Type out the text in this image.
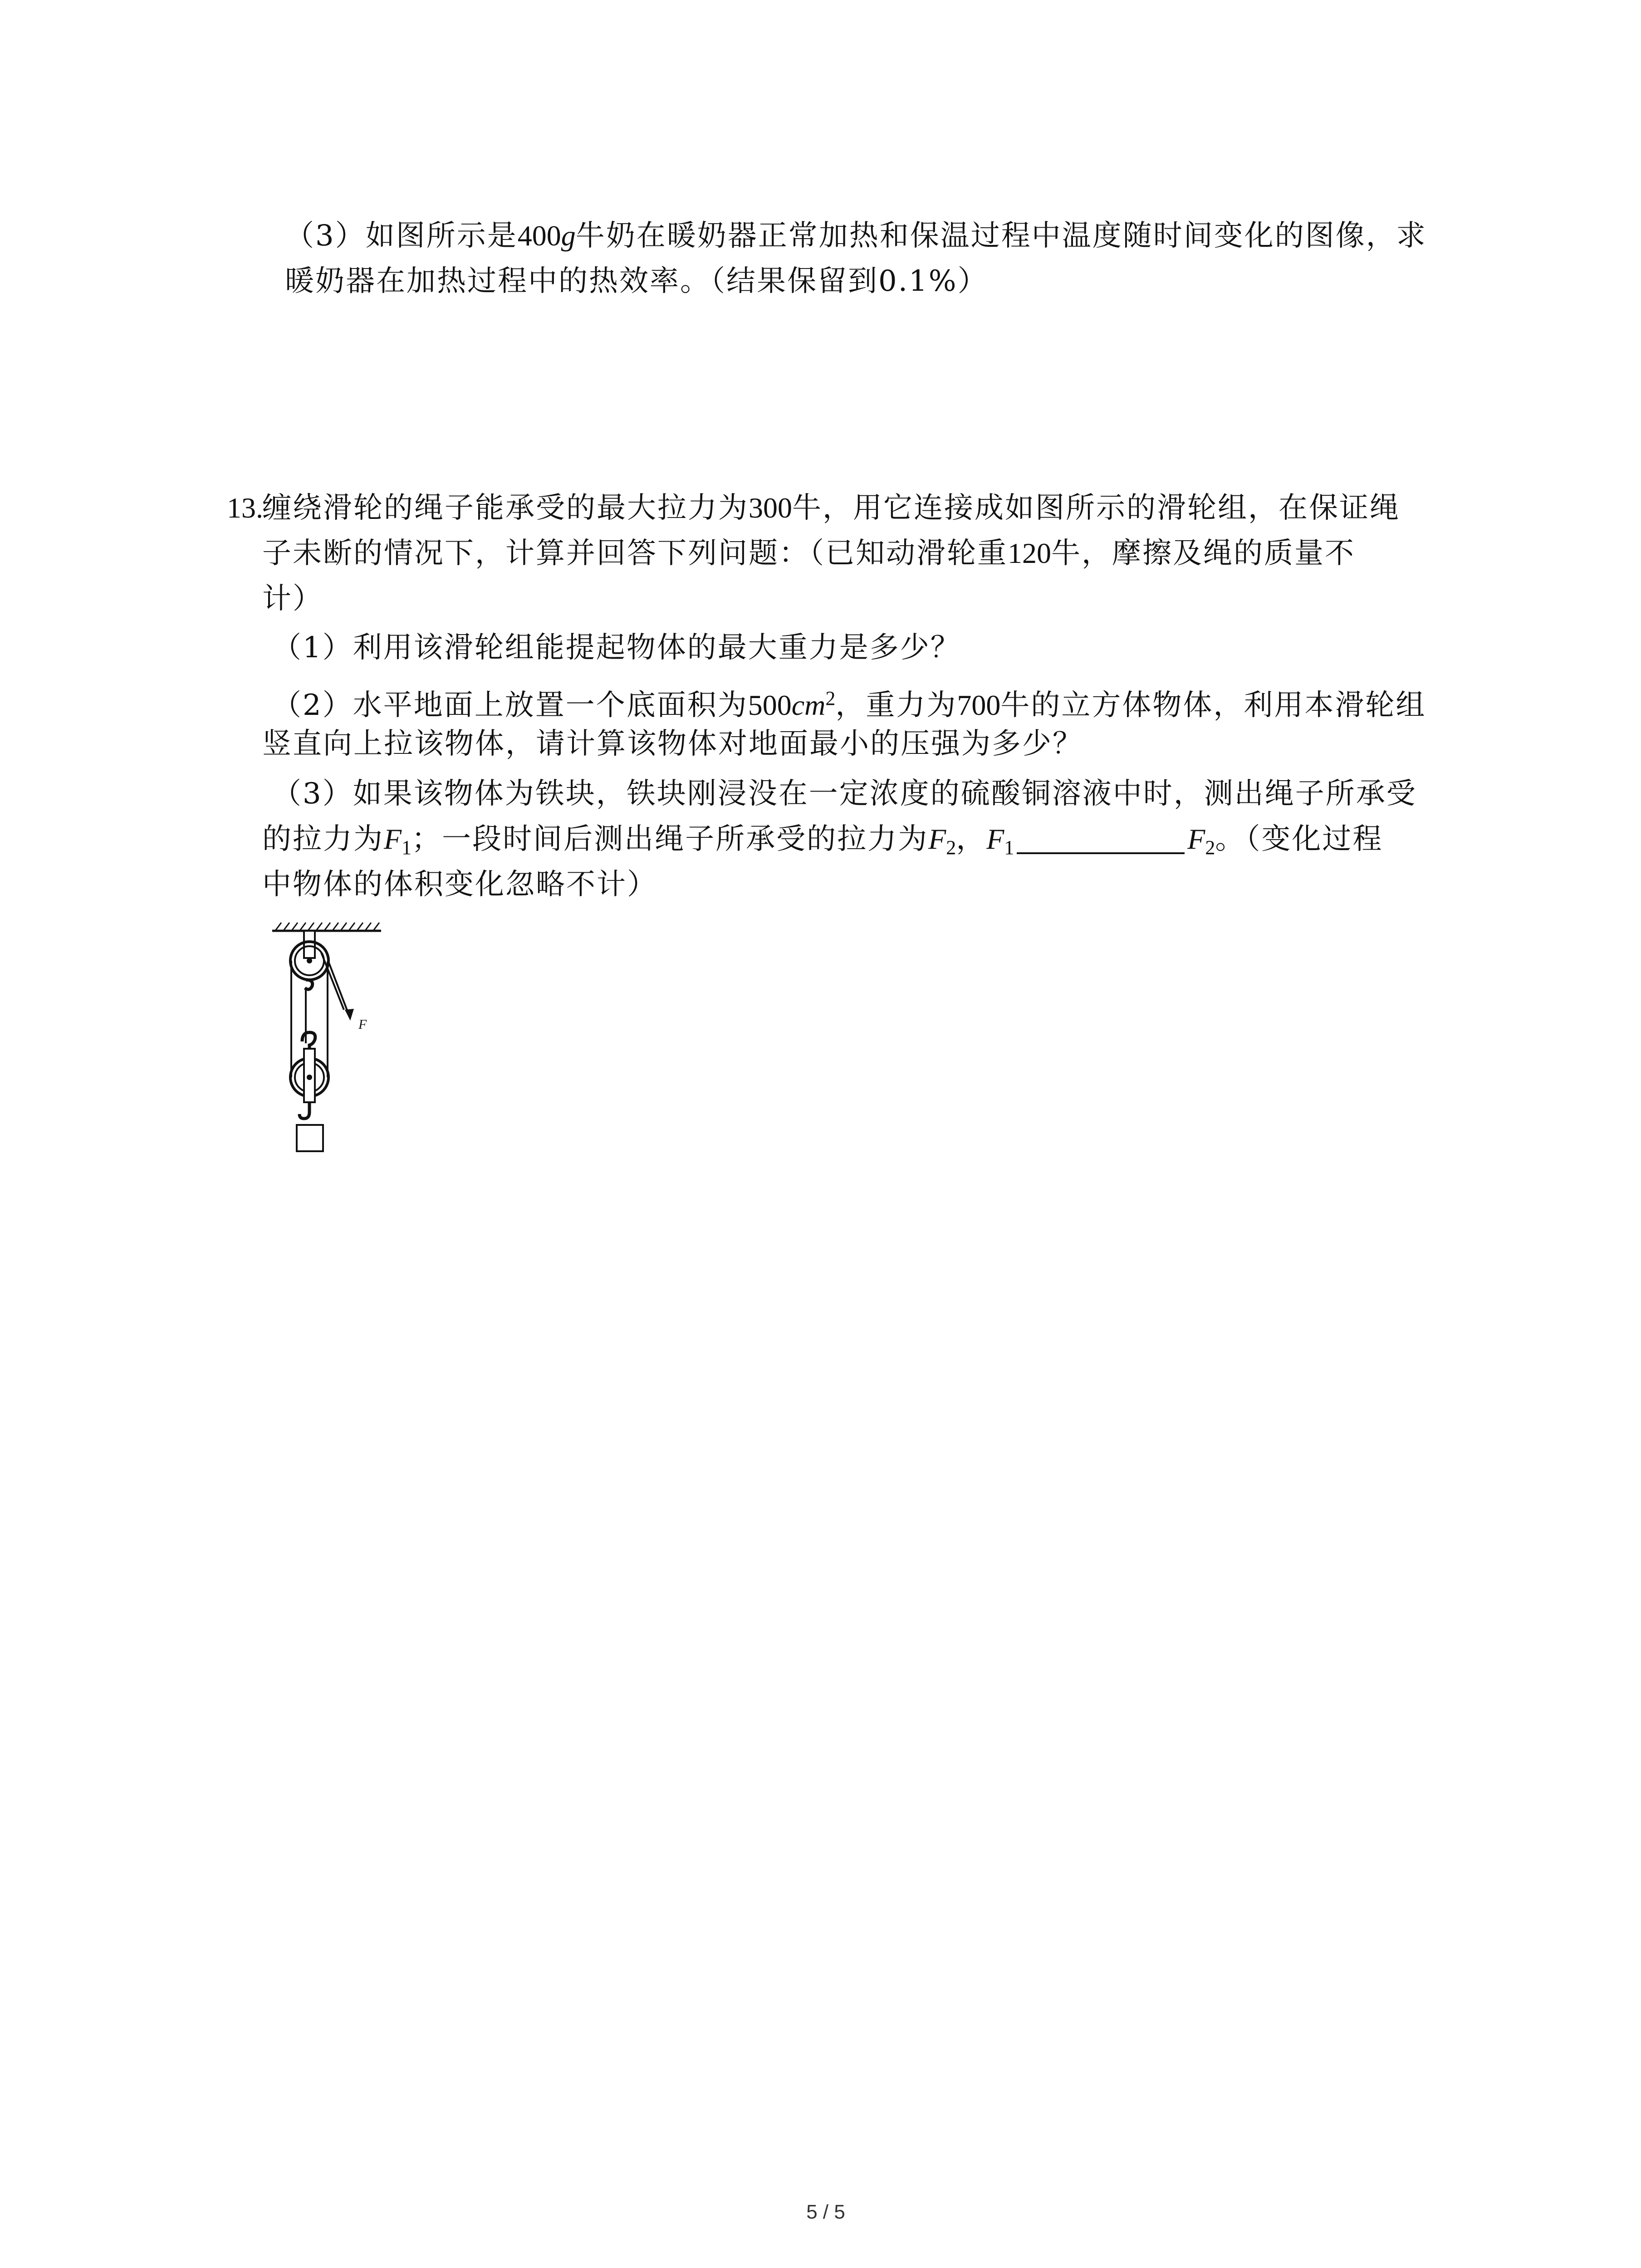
（3）如图所示是400g牛奶在暖奶器正常加热和保温过程中温度随时间变化的图像，求
暖奶器在加热过程中的热效率。（结果保留到0.1%）
13.缠绕滑轮的绳子能承受的最大拉力为300牛，用它连接成如图所示的滑轮组，在保证绳
子未断的情况下，计算并回答下列问题：（已知动滑轮重120牛，摩擦及绳的质量不
计）
（1）利用该滑轮组能提起物体的最大重力是多少？
（2）水平地面上放置一个底面积为$500cm^2$，重力为700牛的立方体物体，利用本滑轮组
竖直向上拉该物体，请计算该物体对地面最小的压强为多少？
（3）如果该物体为铁块，铁块刚浸没在一定浓度的硫酸铜溶液中时，测出绳子所承受
的拉力为$F_1$；一段时间后测出绳子所承受的拉力为$F_2$，$F_1$	$F_2$。（变化过程
中物体的体积变化忽略不计）
F
5 / 5
